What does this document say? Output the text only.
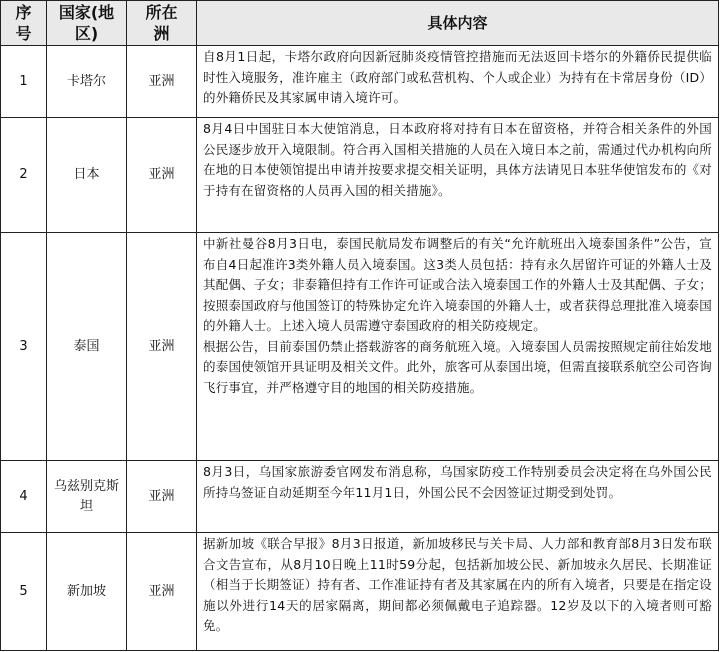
序号	国家(地区)	所在洲	具体内容
1	卡塔尔	亚洲	自8月1日起，卡塔尔政府向因新冠肺炎疫情管控措施而无法返回卡塔尔的外籍侨民提供临时性入境服务，准许雇主（政府部门或私营机构、个人或企业）为持有在卡常居身份（ID）的外籍侨民及其家属申请入境许可。

2	日本	亚洲	8月4日中国驻日本大使馆消息，日本政府将对持有日本在留资格，并符合相关条件的外国公民逐步放开入境限制。符合再入国相关措施的人员在入境日本之前，需通过代办机构向所在地的日本使领馆提出申请并按要求提交相关证明，具体方法请见日本驻华使馆发布的《对于持有在留资格的人员再入国的相关措施》。

3	泰国	亚洲	中新社曼谷8月3日电，泰国民航局发布调整后的有关“允许航班出入境泰国条件”公告，宣布自4日起准许3类外籍人员入境泰国。这3类人员包括：持有永久居留许可证的外籍人士及其配偶、子女；非泰籍但持有工作许可证或合法入境泰国工作的外籍人士及其配偶、子女；按照泰国政府与他国签订的特殊协定允许入境泰国的外籍人士，或者获得总理批准入境泰国的外籍人士。上述入境人员需遵守泰国政府的相关防疫规定。

根据公告，目前泰国仍禁止搭载游客的商务航班入境。入境泰国人员需按照规定前往始发地的泰国使领馆开具证明及相关文件。此外，旅客可从泰国出境，但需直接联系航空公司咨询飞行事宜，并严格遵守目的地国的相关防疫措施。

4	乌兹别克斯坦	亚洲	8月3日，乌国家旅游委官网发布消息称，乌国家防疫工作特别委员会决定将在乌外国公民所持乌签证自动延期至今年11月1日，外国公民不会因签证过期受到处罚。

5	新加坡	亚洲	据新加坡《联合早报》8月3日报道，新加坡移民与关卡局、人力部和教育部8月3日发布联合文告宣布，从8月10日晚上11时59分起，包括新加坡公民、新加坡永久居民、长期准证（相当于长期签证）持有者、工作准证持有者及其家属在内的所有入境者，只要是在指定设施以外进行14天的居家隔离，期间都必须佩戴电子追踪器。12岁及以下的入境者则可豁免。
